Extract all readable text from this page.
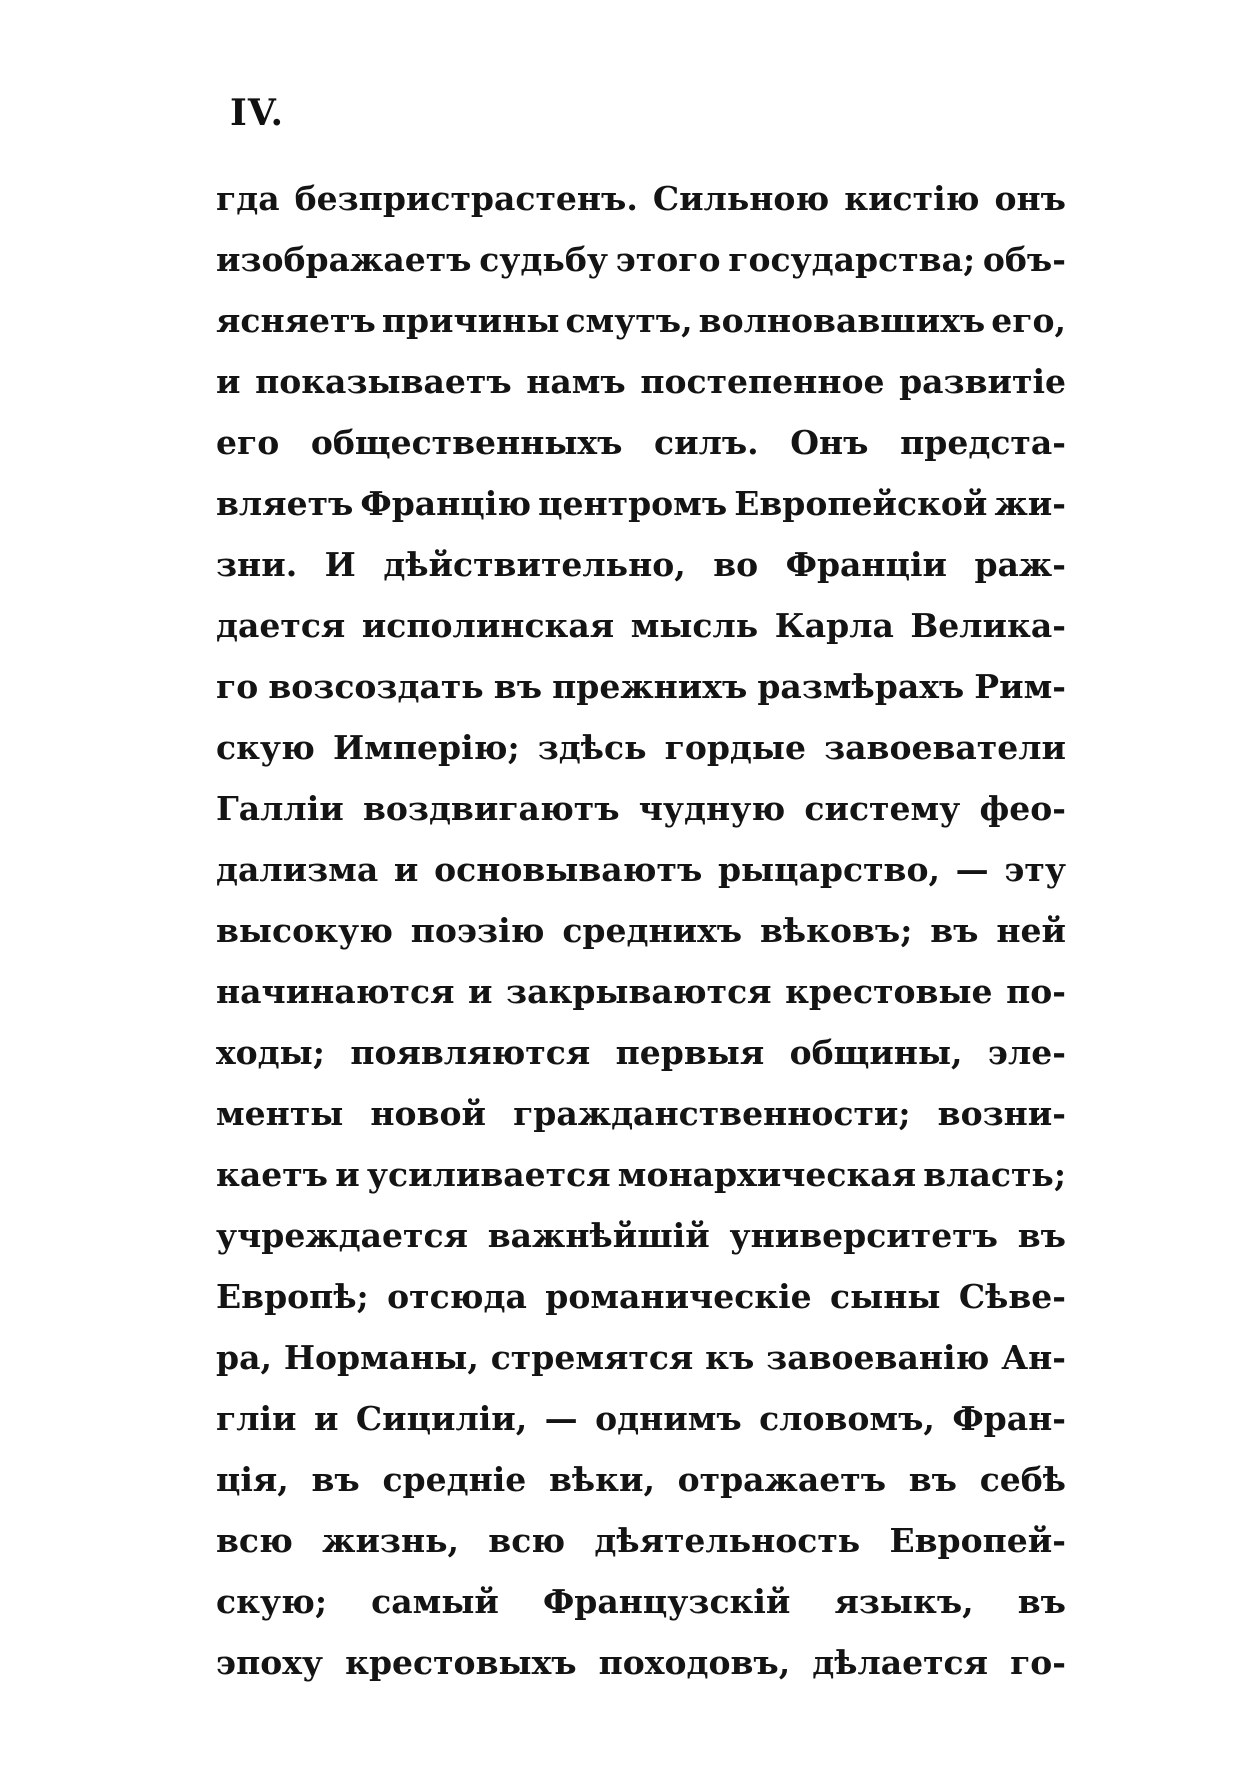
IV.
гда безпристрастенъ. Сильною кистію онъ
изображаетъ судьбу этого государства; объ-
ясняетъ причины смутъ, волновавшихъ его,
и показываетъ намъ постепенное развитіе
его общественныхъ силъ. Онъ предста-
вляетъ Францію центромъ Европейской жи-
зни. И дѣйствительно, во Франціи раж-
дается исполинская мысль Карла Велика-
го возсоздать въ прежнихъ размѣрахъ Рим-
скую Имперію; здѣсь гордые завоеватели
Галліи воздвигаютъ чудную систему фео-
дализма и основываютъ рыцарство, — эту
высокую поэзію среднихъ вѣковъ; въ ней
начинаются и закрываются крестовые по-
ходы; появляются первыя общины, эле-
менты новой гражданственности; возни-
каетъ и усиливается монархическая власть;
учреждается важнѣйшій университетъ въ
Европѣ; отсюда романическіе сыны Сѣве-
ра, Норманы, стремятся къ завоеванію Ан-
гліи и Сициліи, — однимъ словомъ, Фран-
ція, въ средніе вѣки, отражаетъ въ себѣ
всю жизнь, всю дѣятельность Европей-
скую; самый Французскій языкъ, въ
эпоху крестовыхъ походовъ, дѣлается го-
